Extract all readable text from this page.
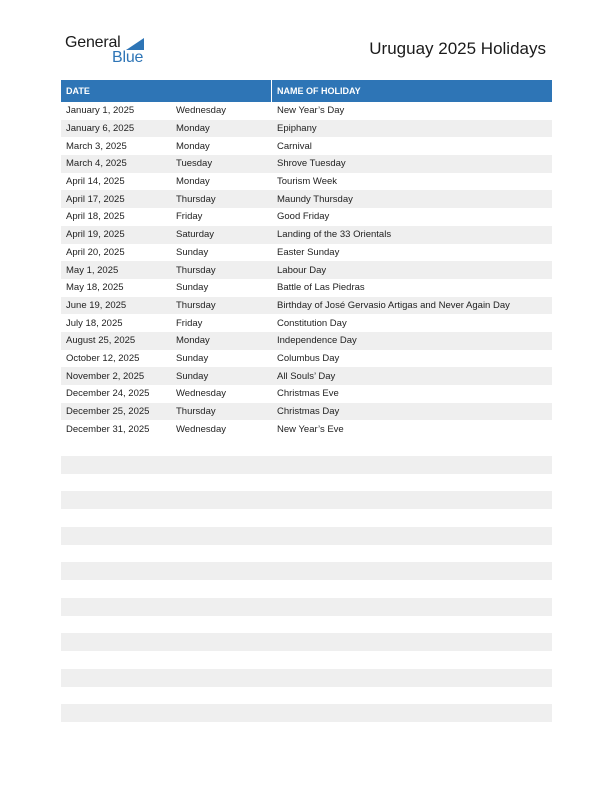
General
Blue	Uruguay 2025 Holidays
DATE	NAME OF HOLIDAY
January 1, 2025	Wednesday	New Year’s Day
January 6, 2025	Monday	Epiphany
March 3, 2025	Monday	Carnival
March 4, 2025	Tuesday	Shrove Tuesday
April 14, 2025	Monday	Tourism Week
April 17, 2025	Thursday	Maundy Thursday
April 18, 2025	Friday	Good Friday
April 19, 2025	Saturday	Landing of the 33 Orientals
April 20, 2025	Sunday	Easter Sunday
May 1, 2025	Thursday	Labour Day
May 18, 2025	Sunday	Battle of Las Piedras
June 19, 2025	Thursday	Birthday of José Gervasio Artigas and Never Again Day
July 18, 2025	Friday	Constitution Day
August 25, 2025	Monday	Independence Day
October 12, 2025	Sunday	Columbus Day
November 2, 2025	Sunday	All Souls’ Day
December 24, 2025	Wednesday	Christmas Eve
December 25, 2025	Thursday	Christmas Day
December 31, 2025	Wednesday	New Year’s Eve
